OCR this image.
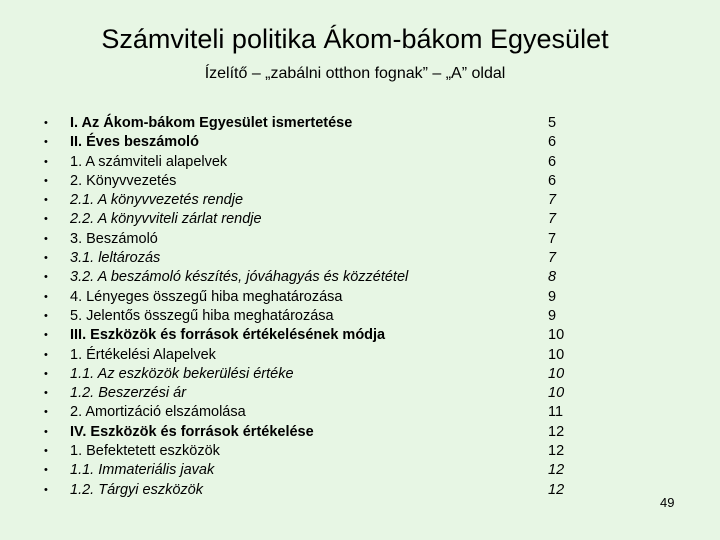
Számviteli politika Ákom-bákom Egyesület
Ízelítő – „zabálni otthon fognak” – „A” oldal
• I. Az Ákom-bákom Egyesület ismertetése	5
• II. Éves beszámoló	6
• 1. A számviteli alapelvek	6
• 2. Könyvvezetés	6
• 2.1. A könyvvezetés rendje	7
• 2.2. A könyvviteli zárlat rendje	7
• 3. Beszámoló	7
• 3.1. leltározás	7
• 3.2. A beszámoló készítés, jóváhagyás és közzététel	8
• 4. Lényeges összegű hiba meghatározása	9
• 5. Jelentős összegű hiba meghatározása	9
• III. Eszközök és források értékelésének módja	10
• 1. Értékelési Alapelvek	10
• 1.1. Az eszközök bekerülési értéke	10
• 1.2. Beszerzési ár	10
• 2. Amortizáció elszámolása	11
• IV. Eszközök és források értékelése	12
• 1. Befektetett eszközök	12
• 1.1. Immateriális javak	12
• 1.2. Tárgyi eszközök	12
49
